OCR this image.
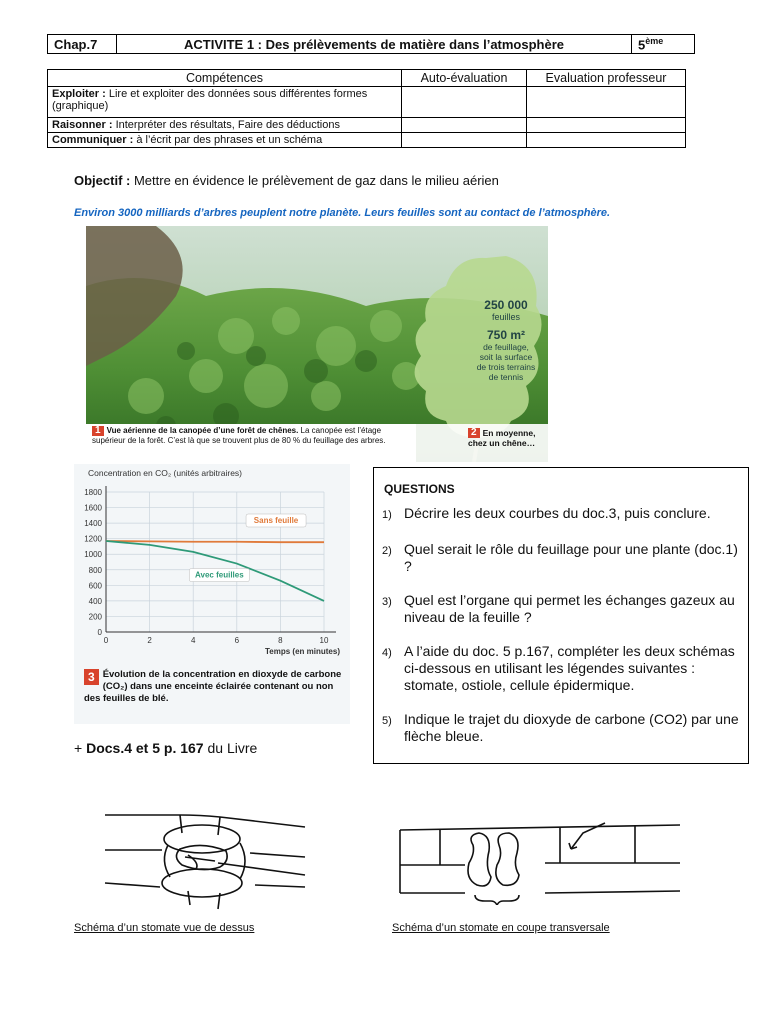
Chap.7	ACTIVITE 1 : Des prélèvements de matière dans l’atmosphère	5ème
Compétences	Auto-évaluation	Evaluation professeur
Exploiter : Lire et exploiter des données sous différentes formes (graphique)		
Raisonner : Interpréter des résultats, Faire des déductions		
Communiquer : à l’écrit par des phrases et un schéma		
Objectif : Mettre en évidence le prélèvement de gaz dans le milieu aérien
Environ 3000 milliards d’arbres peuplent notre planète. Leurs feuilles sont au contact de l’atmosphère.
250 000
feuilles
750 m²
de feuillage,
soit la surface
de trois terrains
de tennis
1 Vue aérienne de la canopée d’une forêt de chênes. La canopée est l’étage supérieur de la forêt. C’est là que se trouvent plus de 80 % du feuillage des arbres.
2 En moyenne,
chez un chêne…
Concentration en CO₂ (unités arbitraires)
0
200
400
600
800
1000
1200
1400
1600
1800
0	2	4	6	8	10
Temps (en minutes)
Sans feuille
Avec feuilles
3 Évolution de la concentration en dioxyde de carbone
(CO₂) dans une enceinte éclairée contenant ou non
des feuilles de blé.
+ Docs.4 et 5 p. 167 du Livre
QUESTIONS
1) Décrire les deux courbes du doc.3, puis conclure.
2) Quel serait le rôle du feuillage pour une plante (doc.1) ?
3) Quel est l’organe qui permet les échanges gazeux au niveau de la feuille ?
4) A l’aide du doc. 5 p.167, compléter les deux schémas ci-dessous en utilisant les légendes suivantes : stomate, ostiole, cellule épidermique.
5) Indique le trajet du dioxyde de carbone (CO2) par une flèche bleue.
Schéma d’un stomate vue de dessus	Schéma d’un stomate en coupe transversale
